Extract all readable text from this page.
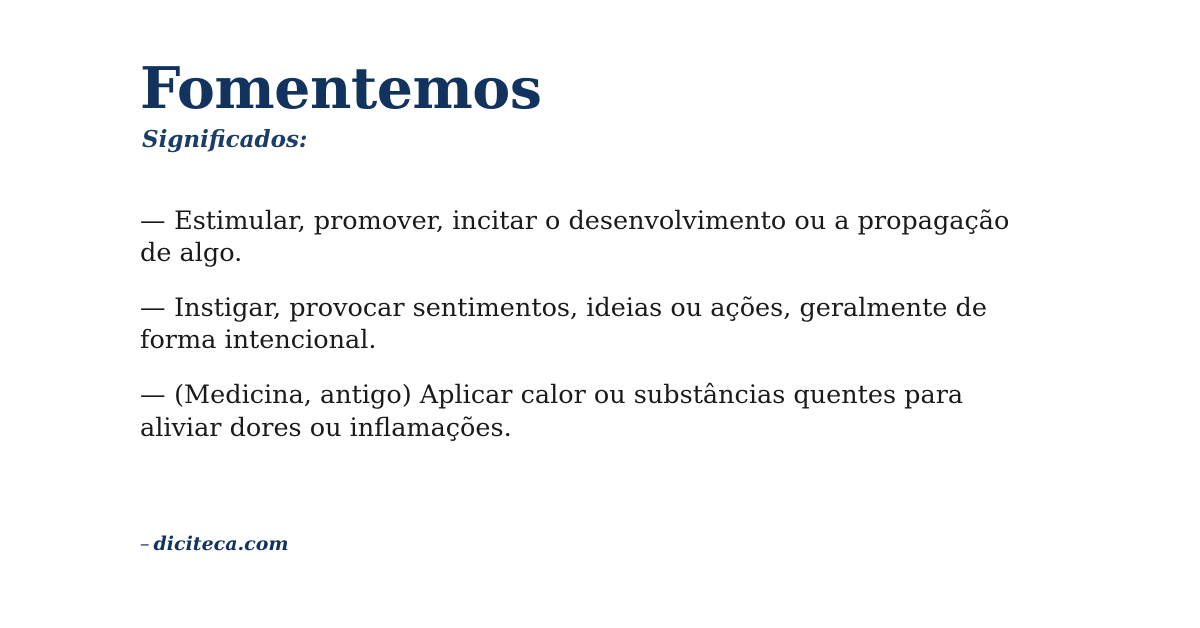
Fomentemos
Significados:

— Estimular, promover, incitar o desenvolvimento ou a propagação de algo.

— Instigar, provocar sentimentos, ideias ou ações, geralmente de forma intencional.

— (Medicina, antigo) Aplicar calor ou substâncias quentes para aliviar dores ou inflamações.

– diciteca.com
